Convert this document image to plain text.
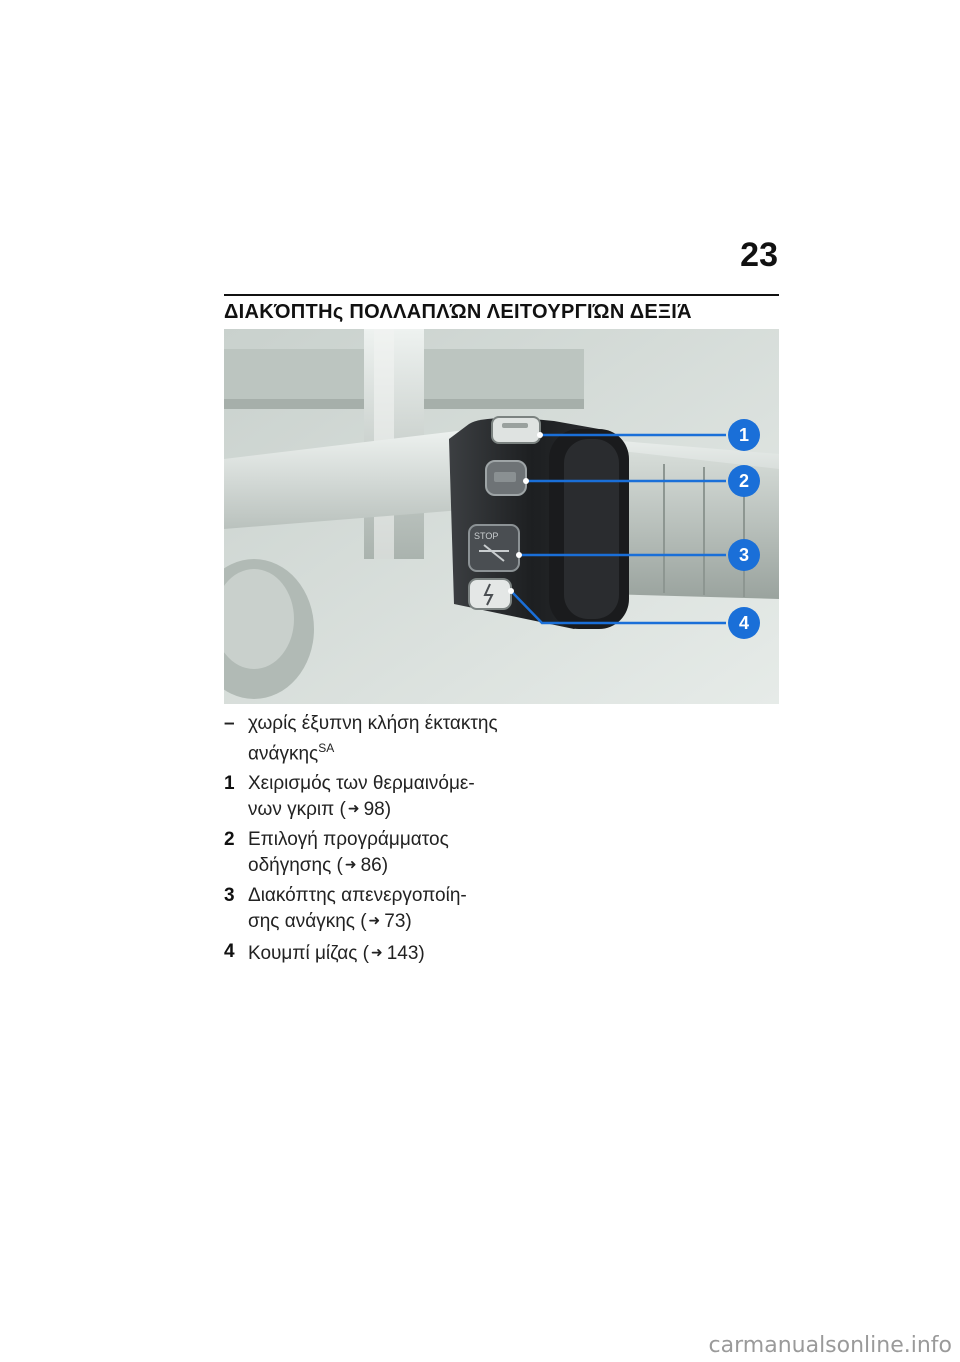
23
ΔΙΑΚΌΠΤΗς ΠΟΛΛΑΠΛΏΝ ΛΕΙΤΟΥΡΓΙΏΝ ΔΕΞΙΆ
STOP
1
2
3
4
– χωρίς έξυπνη κλήση έκτακτης
ανάγκης$^{SA}$
1 Χειρισμός των θερμαινόμε-
νων γκριπ ( ➜ 98)
2 Επιλογή προγράμματος
οδήγησης ( ➜ 86)
3 Διακόπτης απενεργοποίη-
σης ανάγκης ( ➜ 73)
4 Κουμπί μίζας ( ➜ 143)
carmanualsonline.info
